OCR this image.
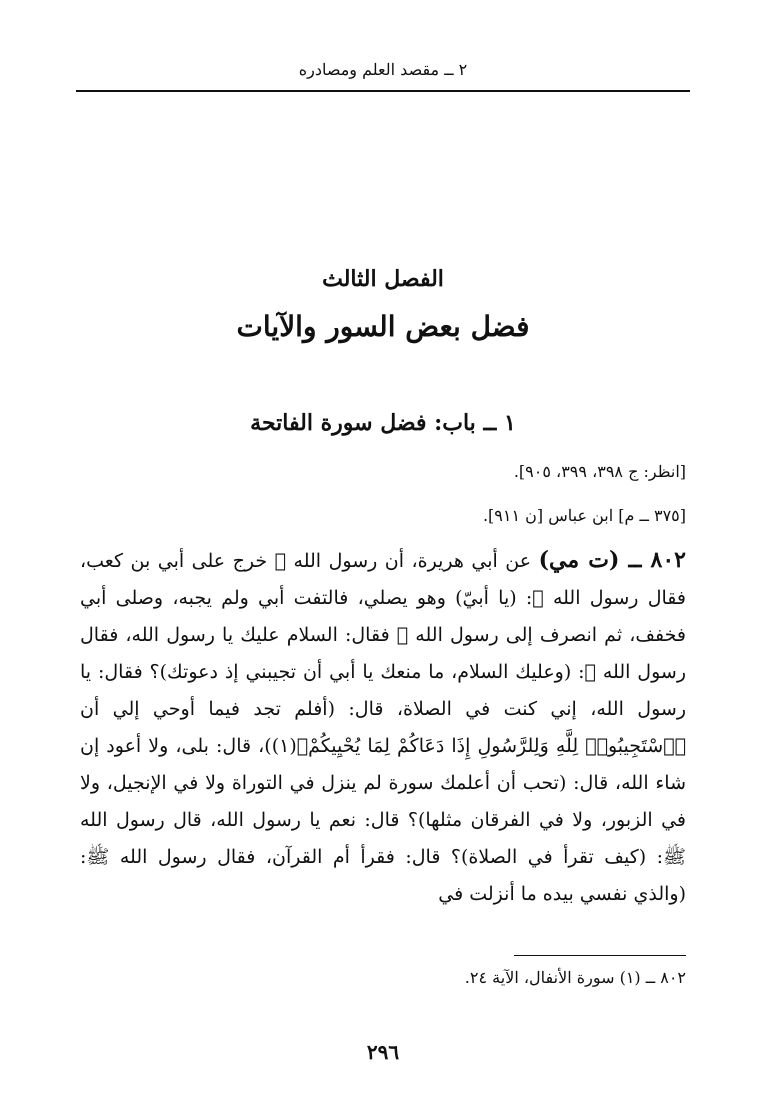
٢ ــ مقصد العلم ومصادره
الفصل الثالث
فضل بعض السور والآيات
١ ــ باب: فضل سورة الفاتحة
[انظر: ج ٣٩٨، ٣٩٩، ٩٠٥].
[٣٧٥ ــ م] ابن عباس [ن ٩١١].
٨٠٢ ــ (ت مي) عن أبي هريرة، أن رسول الله ﷺ خرج على أبي بن كعب، فقال رسول الله ﷺ: (يا أبيّ) وهو يصلي، فالتفت أبي ولم يجبه، وصلى أبي فخفف، ثم انصرف إلى رسول الله ﷺ فقال: السلام عليك يا رسول الله، فقال رسول الله ﷺ: (وعليك السلام، ما منعك يا أبي أن تجيبني إذ دعوتك)؟ فقال: يا رسول الله، إني كنت في الصلاة، قال: (أفلم تجد فيما أوحي إلي أن ﴿ٱسْتَجِيبُوا۟ لِلَّهِ وَلِلرَّسُولِ إِذَا دَعَاكُمْ لِمَا يُحْيِيكُمْ﴾(١))، قال: بلى، ولا أعود إن شاء الله، قال: (تحب أن أعلمك سورة لم ينزل في التوراة ولا في الإنجيل، ولا في الزبور، ولا في الفرقان مثلها)؟ قال: نعم يا رسول الله، قال رسول الله ﷺ: (كيف تقرأ في الصلاة)؟ قال: فقرأ أم القرآن، فقال رسول الله ﷺ: (والذي نفسي بيده ما أنزلت في
٨٠٢ ــ (١) سورة الأنفال، الآية ٢٤.
٢٩٦
